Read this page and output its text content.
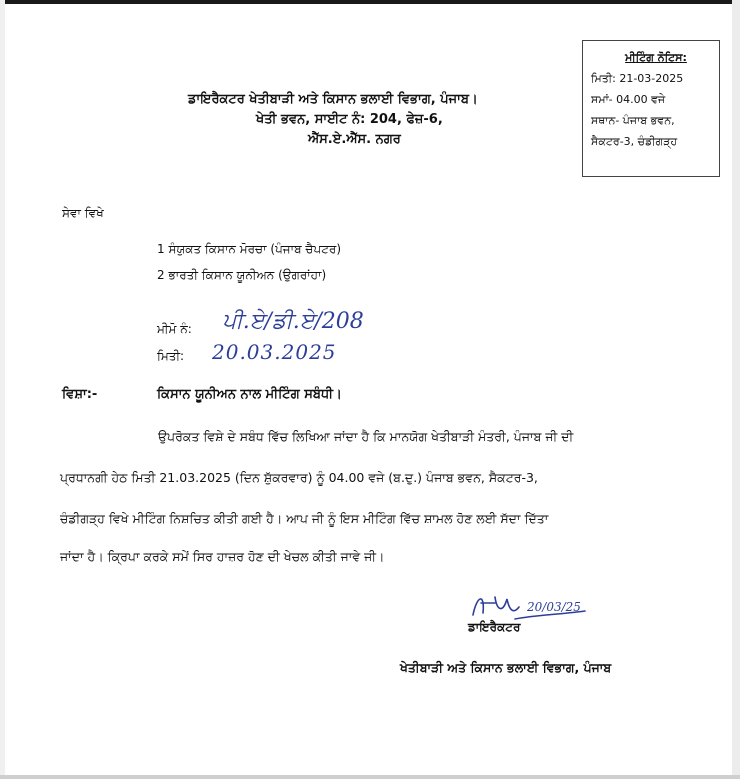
ਮੀਟਿੰਗ ਨੋਟਿਸ:
ਮਿਤੀ: 21-03-2025
ਸਮਾਂ- 04.00 ਵਜੇ
ਸਥਾਨ- ਪੰਜਾਬ ਭਵਨ,
ਸੈਕਟਰ-3, ਚੰਡੀਗੜ੍ਹ
ਡਾਇਰੈਕਟਰ ਖੇਤੀਬਾੜੀ ਅਤੇ ਕਿਸਾਨ ਭਲਾਈ ਵਿਭਾਗ, ਪੰਜਾਬ।
ਖੇਤੀ ਭਵਨ, ਸਾਈਟ ਨੰ: 204, ਫੇਜ਼-6,
ਐੱਸ.ਏ.ਐੱਸ. ਨਗਰ
ਸੇਵਾ ਵਿਖੇ
1 ਸੰਯੁਕਤ ਕਿਸਾਨ ਮੋਰਚਾ (ਪੰਜਾਬ ਚੈਪਟਰ)
2 ਭਾਰਤੀ ਕਿਸਾਨ ਯੂਨੀਅਨ (ਉਗਰਾਂਹਾ)
ਮੀਮੋ ਨੰ: ਪੀ.ਏ/ਡੀ.ਏ/208
ਮਿਤੀ: 20.03.2025
ਵਿਸ਼ਾ:-	ਕਿਸਾਨ ਯੂਨੀਅਨ ਨਾਲ ਮੀਟਿੰਗ ਸਬੰਧੀ।
ਉਪਰੋਕਤ ਵਿਸ਼ੇ ਦੇ ਸਬੰਧ ਵਿੱਚ ਲਿਖਿਆ ਜਾਂਦਾ ਹੈ ਕਿ ਮਾਨਯੋਗ ਖੇਤੀਬਾੜੀ ਮੰਤਰੀ, ਪੰਜਾਬ ਜੀ ਦੀ
ਪ੍ਰਧਾਨਗੀ ਹੇਠ ਮਿਤੀ 21.03.2025 (ਦਿਨ ਸ਼ੁੱਕਰਵਾਰ) ਨੂੰ 04.00 ਵਜੇ (ਬ.ਦੁ.) ਪੰਜਾਬ ਭਵਨ, ਸੈਕਟਰ-3,
ਚੰਡੀਗੜ੍ਹ ਵਿਖੇ ਮੀਟਿੰਗ ਨਿਸ਼ਚਿਤ ਕੀਤੀ ਗਈ ਹੈ। ਆਪ ਜੀ ਨੂੰ ਇਸ ਮੀਟਿੰਗ ਵਿੱਚ ਸ਼ਾਮਲ ਹੋਣ ਲਈ ਸੱਦਾ ਦਿੱਤਾ
ਜਾਂਦਾ ਹੈ। ਕ੍ਰਿਪਾ ਕਰਕੇ ਸਮੇਂ ਸਿਰ ਹਾਜ਼ਰ ਹੋਣ ਦੀ ਖੇਚਲ ਕੀਤੀ ਜਾਵੇ ਜੀ।
20/03/25
ਡਾਇਰੈਕਟਰ
ਖੇਤੀਬਾੜੀ ਅਤੇ ਕਿਸਾਨ ਭਲਾਈ ਵਿਭਾਗ, ਪੰਜਾਬ
